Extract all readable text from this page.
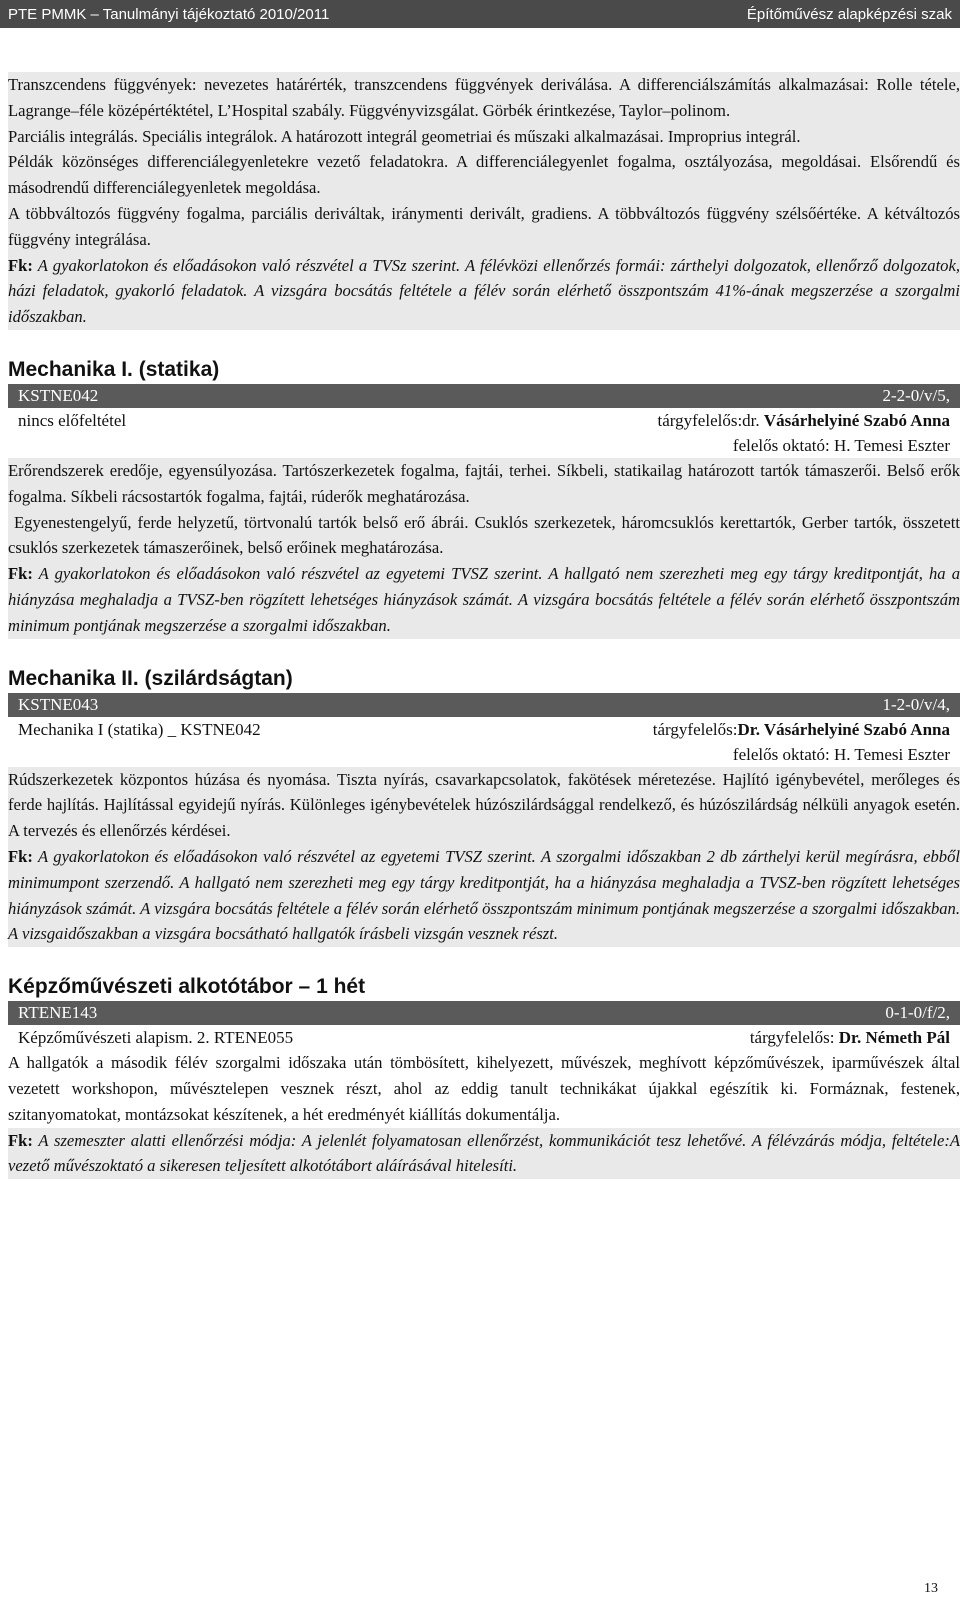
PTE PMMK – Tanulmányi tájékoztató 2010/2011	Építőművész alapképzési szak

Transzcendens függvények: nevezetes határérték, transzcendens függvények deriválása. A differenciálszámítás alkalmazásai: Rolle tétele, Lagrange–féle középértéktétel, L’Hospital szabály. Függvényvizsgálat. Görbék érintkezése, Taylor–polinom.

Parciális integrálás. Speciális integrálok. A határozott integrál geometriai és műszaki alkalmazásai. Improprius integrál.

Példák közönséges differenciálegyenletekre vezető feladatokra. A differenciálegyenlet fogalma, osztályozása, megoldásai. Elsőrendű és másodrendű differenciálegyenletek megoldása.

A többváltozós függvény fogalma, parciális deriváltak, iránymenti derivált, gradiens. A többváltozós függvény szélsőértéke. A kétváltozós függvény integrálása.

Fk: A gyakorlatokon és előadásokon való részvétel a TVSz szerint. A félévközi ellenőrzés formái: zárthelyi dolgozatok, ellenőrző dolgozatok, házi feladatok, gyakorló feladatok. A vizsgára bocsátás feltétele a félév során elérhető összpontszám 41%-ának megszerzése a szorgalmi időszakban.

Mechanika I. (statika)
KSTNE042	2-2-0/v/5,
nincs előfeltétel	tárgyfelelős:dr. Vásárhelyiné Szabó Anna
felelős oktató: H. Temesi Eszter

Erőrendszerek eredője, egyensúlyozása. Tartószerkezetek fogalma, fajtái, terhei. Síkbeli, statikailag határozott tartók támaszerői. Belső erők fogalma. Síkbeli rácsostartók fogalma, fajtái, rúderők meghatározása.

Egyenestengelyű, ferde helyzetű, törtvonalú tartók belső erő ábrái. Csuklós szerkezetek, háromcsuklós kerettartók, Gerber tartók, összetett csuklós szerkezetek támaszerőinek, belső erőinek meghatározása.

Fk: A gyakorlatokon és előadásokon való részvétel az egyetemi TVSZ szerint. A hallgató nem szerezheti meg egy tárgy kreditpontját, ha a hiányzása meghaladja a TVSZ-ben rögzített lehetséges hiányzások számát. A vizsgára bocsátás feltétele a félév során elérhető összpontszám minimum pontjának megszerzése a szorgalmi időszakban.

Mechanika II. (szilárdságtan)
KSTNE043	1-2-0/v/4,
Mechanika I (statika) _ KSTNE042	tárgyfelelős:Dr. Vásárhelyiné Szabó Anna
felelős oktató: H. Temesi Eszter

Rúdszerkezetek központos húzása és nyomása. Tiszta nyírás, csavarkapcsolatok, fakötések méretezése. Hajlító igénybevétel, merőleges és ferde hajlítás. Hajlítással egyidejű nyírás. Különleges igénybevételek húzószilárdsággal rendelkező, és húzószilárdság nélküli anyagok esetén. A tervezés és ellenőrzés kérdései.

Fk: A gyakorlatokon és előadásokon való részvétel az egyetemi TVSZ szerint. A szorgalmi időszakban 2 db zárthelyi kerül megírásra, ebből minimumpont szerzendő. A hallgató nem szerezheti meg egy tárgy kreditpontját, ha a hiányzása meghaladja a TVSZ-ben rögzített lehetséges hiányzások számát. A vizsgára bocsátás feltétele a félév során elérhető összpontszám minimum pontjának megszerzése a szorgalmi időszakban. A vizsgaidőszakban a vizsgára bocsátható hallgatók írásbeli vizsgán vesznek részt.

Képzőművészeti alkotótábor – 1 hét
RTENE143	0-1-0/f/2,
Képzőművészeti alapism. 2. RTENE055	tárgyfelelős: Dr. Németh Pál

A hallgatók a második félév szorgalmi időszaka után tömbösített, kihelyezett, művészek, meghívott képzőművészek, iparművészek által vezetett workshopon, művésztelepen vesznek részt, ahol az eddig tanult technikákat újakkal egészítik ki. Formáznak, festenek, szitanyomatokat, montázsokat készítenek, a hét eredményét kiállítás dokumentálja.

Fk: A szemeszter alatti ellenőrzési módja: A jelenlét folyamatosan ellenőrzést, kommunikációt tesz lehetővé. A félévzárás módja, feltétele:A vezető művészoktató a sikeresen teljesített alkotótábort aláírásával hitelesíti.

13
